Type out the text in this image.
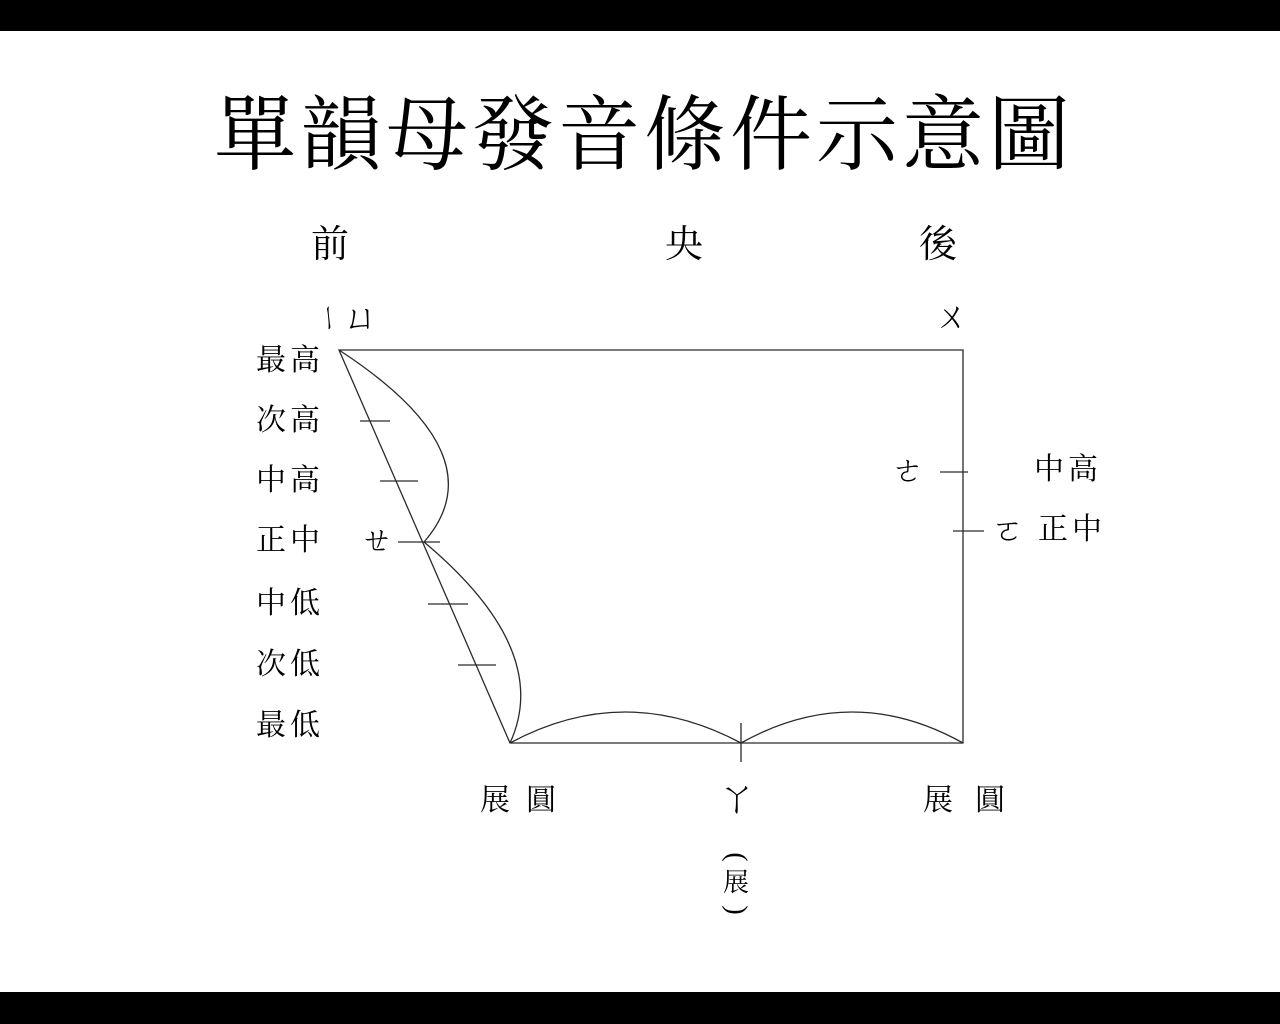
單韻母發音條件示意圖
前	央	後
ㄧ ㄩ	ㄨ
最高
次高
中高
正中
中低
次低
最低
ㄝ
ㄜ	中高
ㄛ 正中
展 圓	展 圓
ㄚ
(
展
)
